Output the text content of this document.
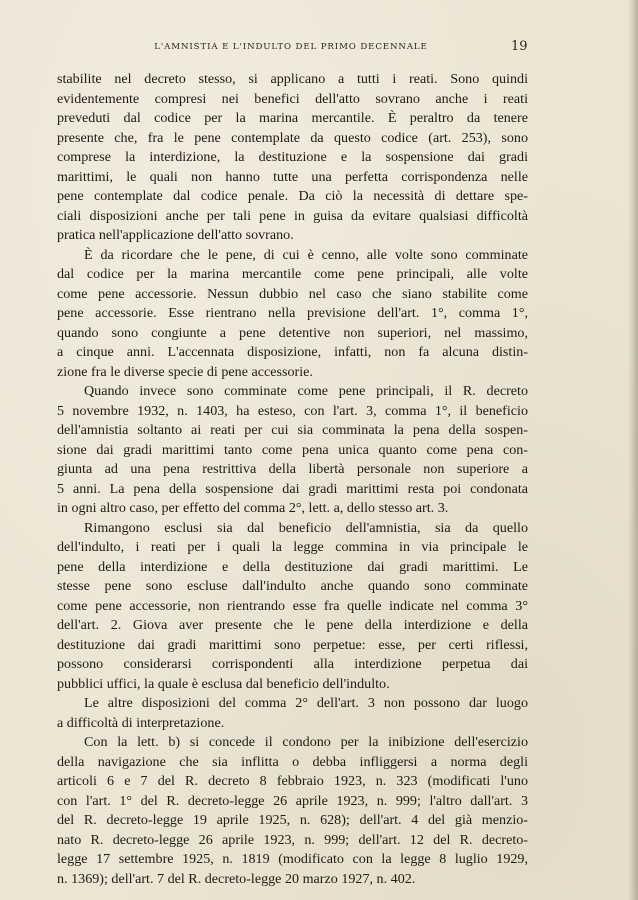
L'AMNISTIA E L'INDULTO DEL PRIMO DECENNALE	19
stabilite nel decreto stesso, si applicano a tutti i reati. Sono quindi
evidentemente compresi nei benefici dell'atto sovrano anche i reati
preveduti dal codice per la marina mercantile. È peraltro da tenere
presente che, fra le pene contemplate da questo codice (art. 253), sono
comprese la interdizione, la destituzione e la sospensione dai gradi
marittimi, le quali non hanno tutte una perfetta corrispondenza nelle
pene contemplate dal codice penale. Da ciò la necessità di dettare spe-
ciali disposizioni anche per tali pene in guisa da evitare qualsiasi difficoltà
pratica nell'applicazione dell'atto sovrano.
È da ricordare che le pene, di cui è cenno, alle volte sono comminate
dal codice per la marina mercantile come pene principali, alle volte
come pene accessorie. Nessun dubbio nel caso che siano stabilite come
pene accessorie. Esse rientrano nella previsione dell'art. 1°, comma 1°,
quando sono congiunte a pene detentive non superiori, nel massimo,
a cinque anni. L'accennata disposizione, infatti, non fa alcuna distin-
zione fra le diverse specie di pene accessorie.
Quando invece sono comminate come pene principali, il R. decreto
5 novembre 1932, n. 1403, ha esteso, con l'art. 3, comma 1°, il beneficio
dell'amnistia soltanto ai reati per cui sia comminata la pena della sospen-
sione dai gradi marittimi tanto come pena unica quanto come pena con-
giunta ad una pena restrittiva della libertà personale non superiore a
5 anni. La pena della sospensione dai gradi marittimi resta poi condonata
in ogni altro caso, per effetto del comma 2°, lett. a, dello stesso art. 3.
Rimangono esclusi sia dal beneficio dell'amnistia, sia da quello
dell'indulto, i reati per i quali la legge commina in via principale le
pene della interdizione e della destituzione dai gradi marittimi. Le
stesse pene sono escluse dall'indulto anche quando sono comminate
come pene accessorie, non rientrando esse fra quelle indicate nel comma 3°
dell'art. 2. Giova aver presente che le pene della interdizione e della
destituzione dai gradi marittimi sono perpetue: esse, per certi riflessi,
possono considerarsi corrispondenti alla interdizione perpetua dai
pubblici uffici, la quale è esclusa dal beneficio dell'indulto.
Le altre disposizioni del comma 2° dell'art. 3 non possono dar luogo
a difficoltà di interpretazione.
Con la lett. b) si concede il condono per la inibizione dell'esercizio
della navigazione che sia inflitta o debba infliggersi a norma degli
articoli 6 e 7 del R. decreto 8 febbraio 1923, n. 323 (modificati l'uno
con l'art. 1° del R. decreto-legge 26 aprile 1923, n. 999; l'altro dall'art. 3
del R. decreto-legge 19 aprile 1925, n. 628); dell'art. 4 del già menzio-
nato R. decreto-legge 26 aprile 1923, n. 999; dell'art. 12 del R. decreto-
legge 17 settembre 1925, n. 1819 (modificato con la legge 8 luglio 1929,
n. 1369); dell'art. 7 del R. decreto-legge 20 marzo 1927, n. 402.
